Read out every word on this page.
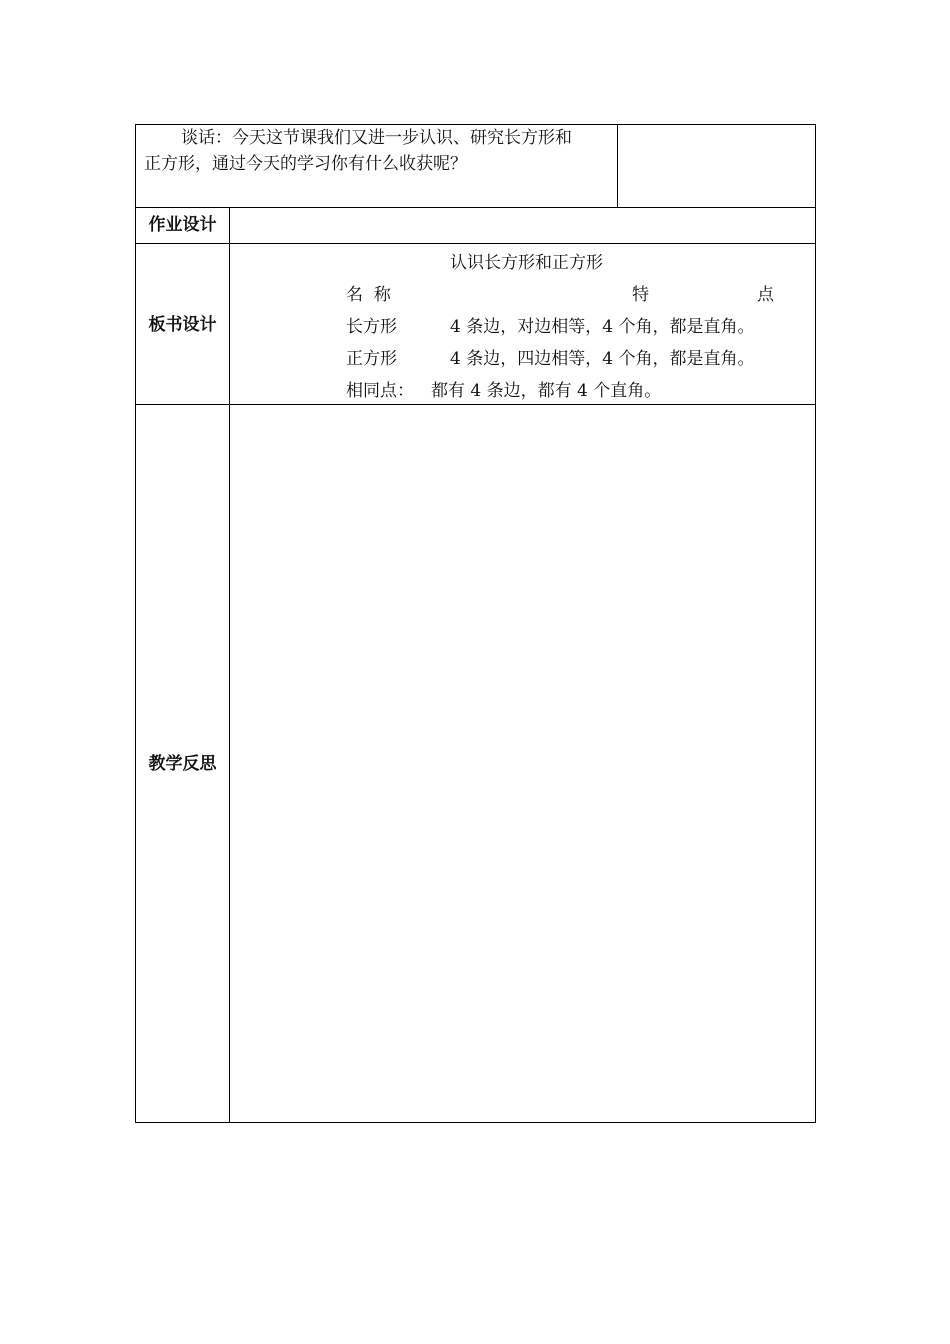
谈话：今天这节课我们又进一步认识、研究长方形和
正方形，通过今天的学习你有什么收获呢？
作业设计
板书设计
认识长方形和正方形
名  称	特	点
长方形	4 条边，对边相等，4 个角，都是直角。
正方形	4 条边，四边相等，4 个角，都是直角。
相同点： 都有 4 条边，都有 4 个直角。
教学反思
